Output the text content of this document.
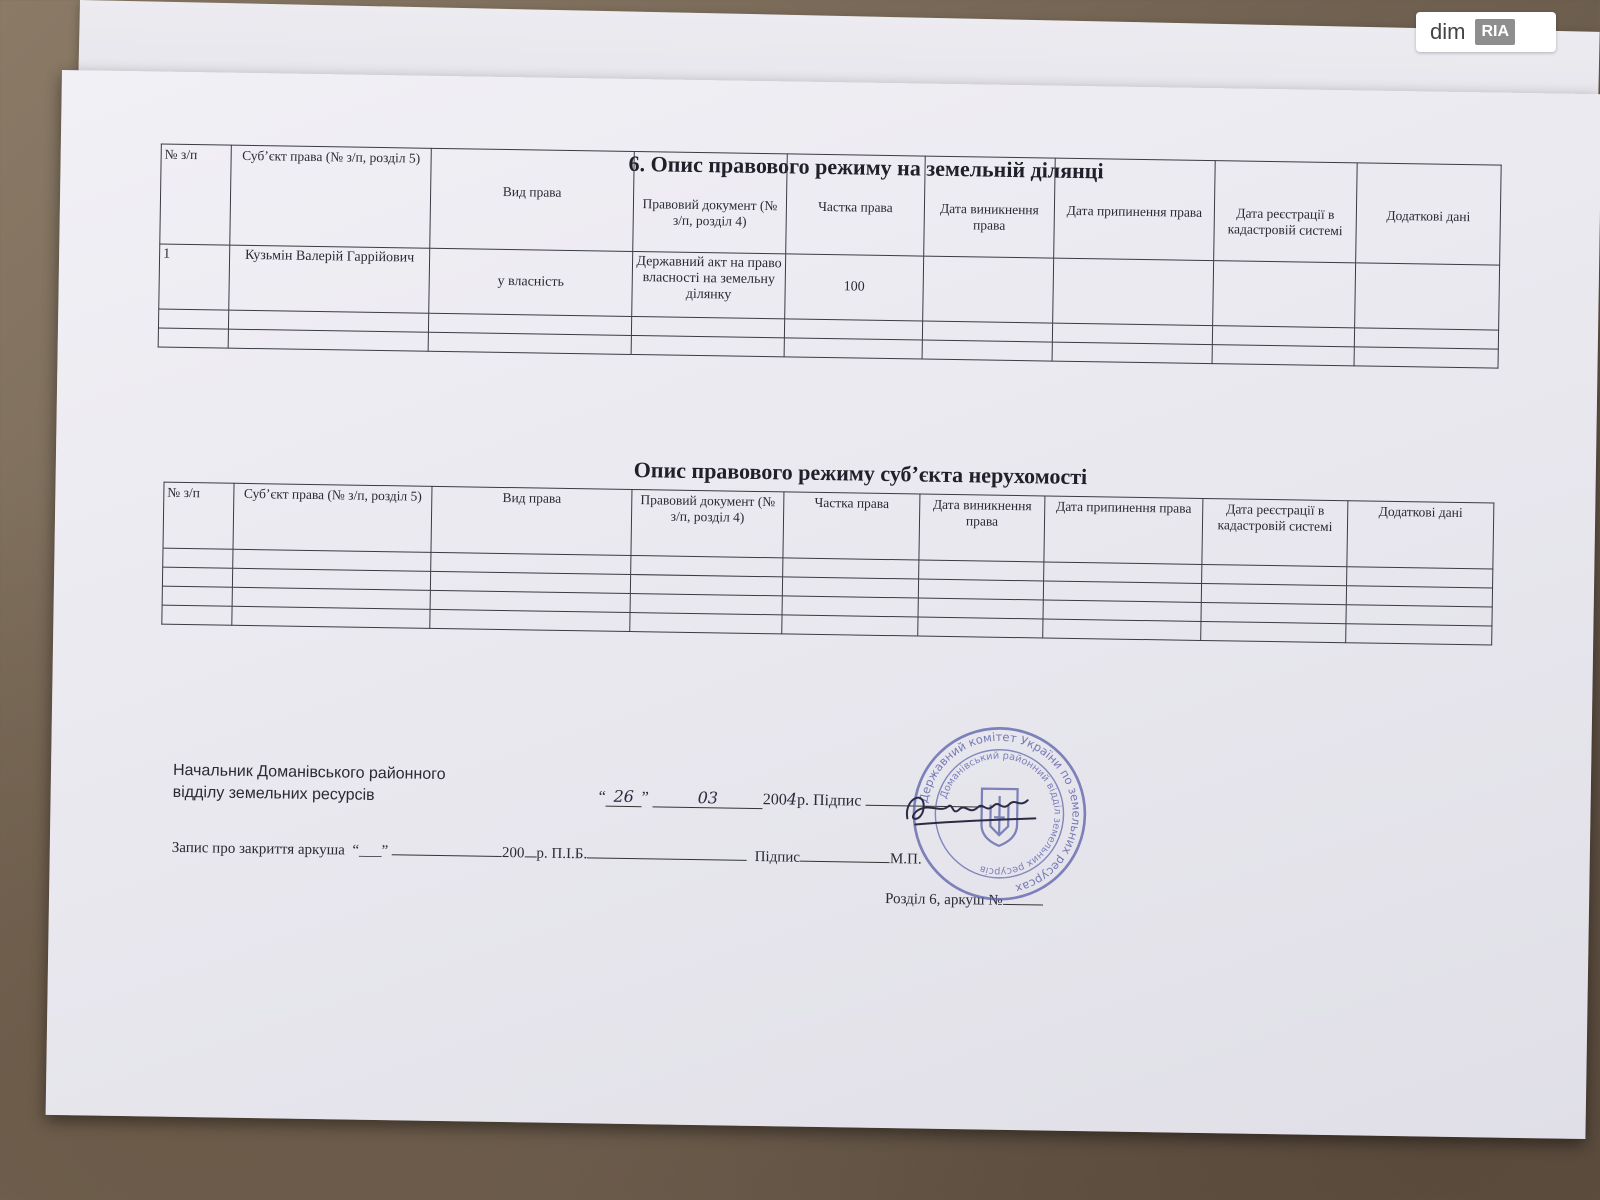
6. Опис правового режиму на земельній ділянці
№ з/п	Суб’єкт права (№ з/п, розділ 5)	Вид права	Правовий документ (№ з/п, розділ 4)	Частка права	Дата виникнення права	Дата припинення права	Дата реєстрації в кадастровій системі	Додаткові дані
1	Кузьмін Валерій Гаррійович	у власність	Державний акт на право власності на земельну ділянку	100				

Опис правового режиму суб’єкта нерухомості
№ з/п	Суб’єкт права (№ з/п, розділ 5)	Вид права	Правовий документ (№ з/п, розділ 4)	Частка права	Дата виникнення права	Дата припинення права	Дата реєстрації в кадастровій системі	Додаткові дані

Начальник Доманівського районного
відділу земельних ресурсів	“ 26 ”	03	2004р. Підпис
Запис про закриття аркуша “___”	200 р. П.І.Б.	Підпис	М.П.
Розділ 6, аркуш №
Державний комітет України по земельних ресурсах
Доманівський районний відділ земельних ресурсів
dim	RIA
